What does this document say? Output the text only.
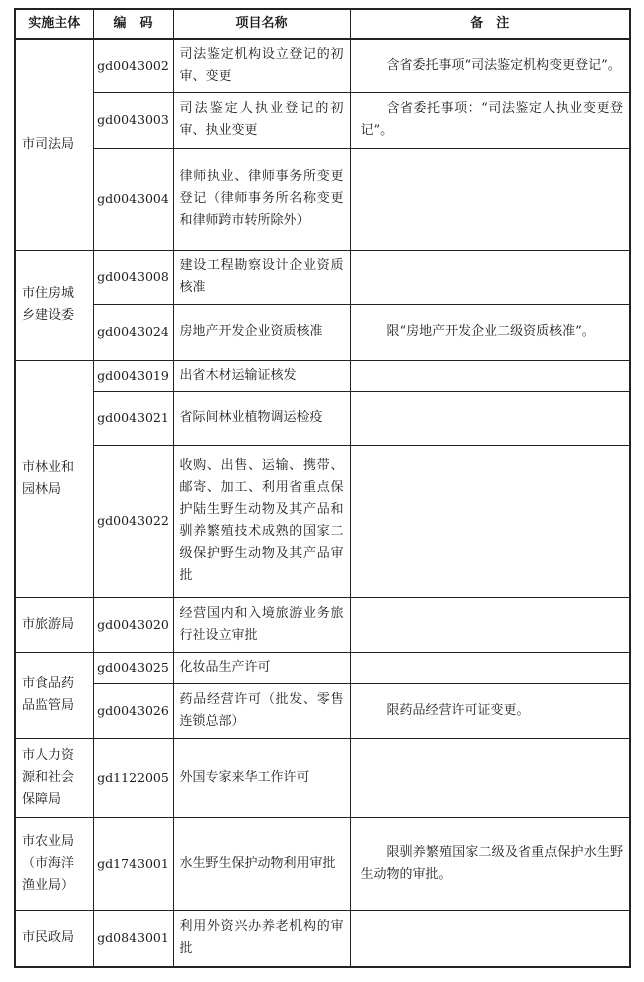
实施主体	编　码	项目名称	备　注
市司法局	gd0043002	司法鉴定机构设立登记的初审、变更	含省委托事项“司法鉴定机构变更登记”。
	gd0043003	司法鉴定人执业登记的初审、执业变更	含省委托事项：“司法鉴定人执业变更登记”。
	gd0043004	律师执业、律师事务所变更登记（律师事务所名称变更和律师跨市转所除外）	
市住房城乡建设委	gd0043008	建设工程勘察设计企业资质核准	
	gd0043024	房地产开发企业资质核准	限“房地产开发企业二级资质核准”。
市林业和园林局	gd0043019	出省木材运输证核发	
	gd0043021	省际间林业植物调运检疫	
	gd0043022	收购、出售、运输、携带、邮寄、加工、利用省重点保护陆生野生动物及其产品和驯养繁殖技术成熟的国家二级保护野生动物及其产品审批	
市旅游局	gd0043020	经营国内和入境旅游业务旅行社设立审批	
市食品药品监管局	gd0043025	化妆品生产许可	
	gd0043026	药品经营许可（批发、零售连锁总部）	限药品经营许可证变更。
市人力资源和社会保障局	gd1122005	外国专家来华工作许可	
市农业局（市海洋渔业局）	gd1743001	水生野生保护动物利用审批	限驯养繁殖国家二级及省重点保护水生野生动物的审批。
市民政局	gd0843001	利用外资兴办养老机构的审批	
